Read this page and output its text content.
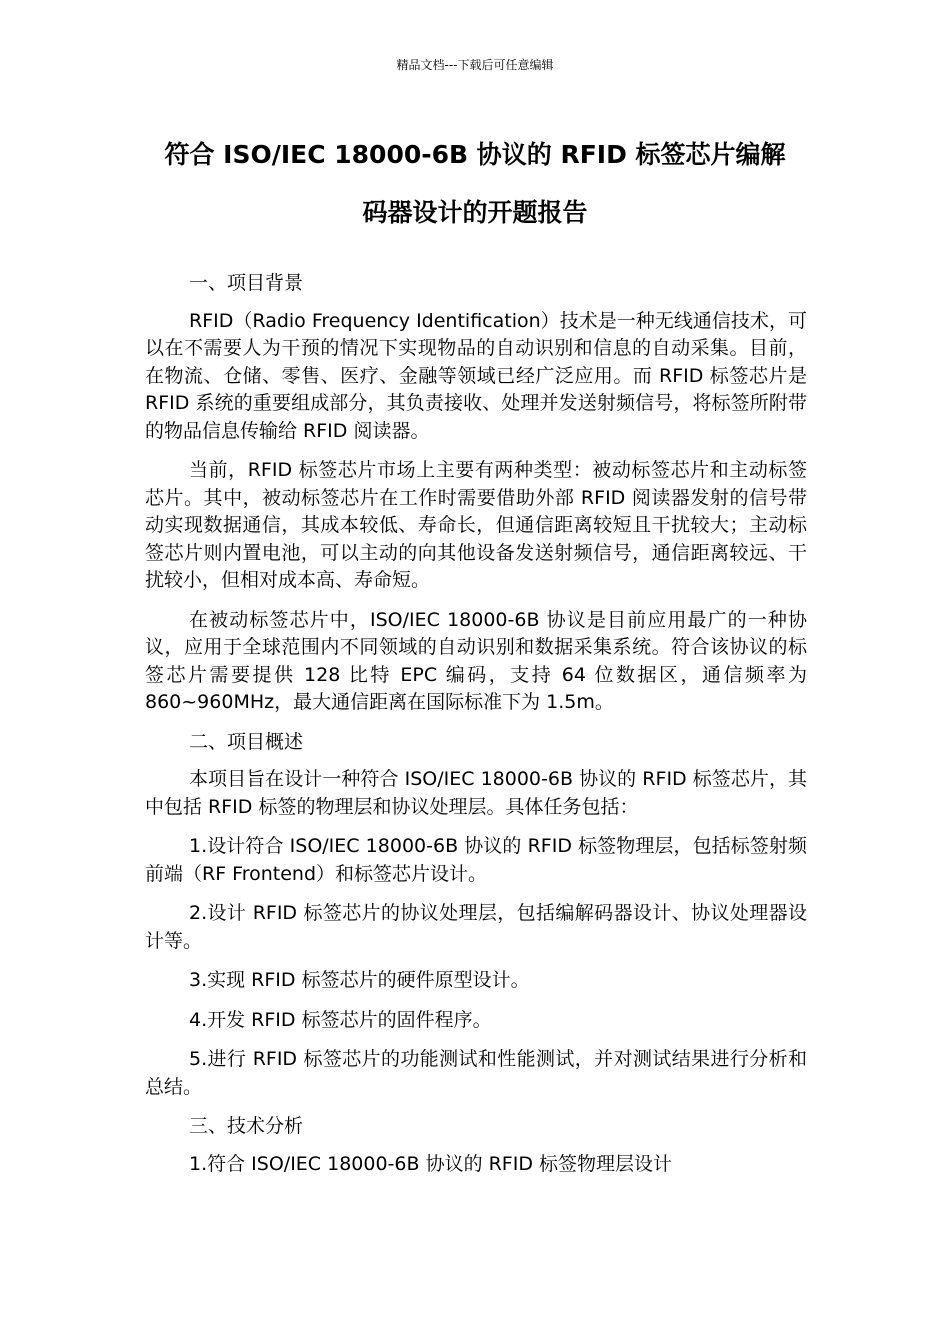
精品文档---下载后可任意编辑
符合 ISO/IEC 18000-6B 协议的 RFID 标签芯片编解
码器设计的开题报告

一、项目背景

RFID（Radio Frequency Identification）技术是一种无线通信技术，可以在不需要人为干预的情况下实现物品的自动识别和信息的自动采集。目前，在物流、仓储、零售、医疗、金融等领域已经广泛应用。而 RFID 标签芯片是 RFID 系统的重要组成部分，其负责接收、处理并发送射频信号，将标签所附带的物品信息传输给 RFID 阅读器。

当前，RFID 标签芯片市场上主要有两种类型：被动标签芯片和主动标签芯片。其中，被动标签芯片在工作时需要借助外部 RFID 阅读器发射的信号带动实现数据通信，其成本较低、寿命长，但通信距离较短且干扰较大；主动标签芯片则内置电池，可以主动的向其他设备发送射频信号，通信距离较远、干扰较小，但相对成本高、寿命短。

在被动标签芯片中，ISO/IEC 18000-6B 协议是目前应用最广的一种协议，应用于全球范围内不同领域的自动识别和数据采集系统。符合该协议的标签芯片需要提供 128 比特 EPC 编码，支持 64 位数据区，通信频率为 860~960MHz，最大通信距离在国际标准下为 1.5m。

二、项目概述

本项目旨在设计一种符合 ISO/IEC 18000-6B 协议的 RFID 标签芯片，其中包括 RFID 标签的物理层和协议处理层。具体任务包括：

1.设计符合 ISO/IEC 18000-6B 协议的 RFID 标签物理层，包括标签射频前端（RF Frontend）和标签芯片设计。

2.设计 RFID 标签芯片的协议处理层，包括编解码器设计、协议处理器设计等。

3.实现 RFID 标签芯片的硬件原型设计。

4.开发 RFID 标签芯片的固件程序。

5.进行 RFID 标签芯片的功能测试和性能测试，并对测试结果进行分析和总结。

三、技术分析

1.符合 ISO/IEC 18000-6B 协议的 RFID 标签物理层设计
